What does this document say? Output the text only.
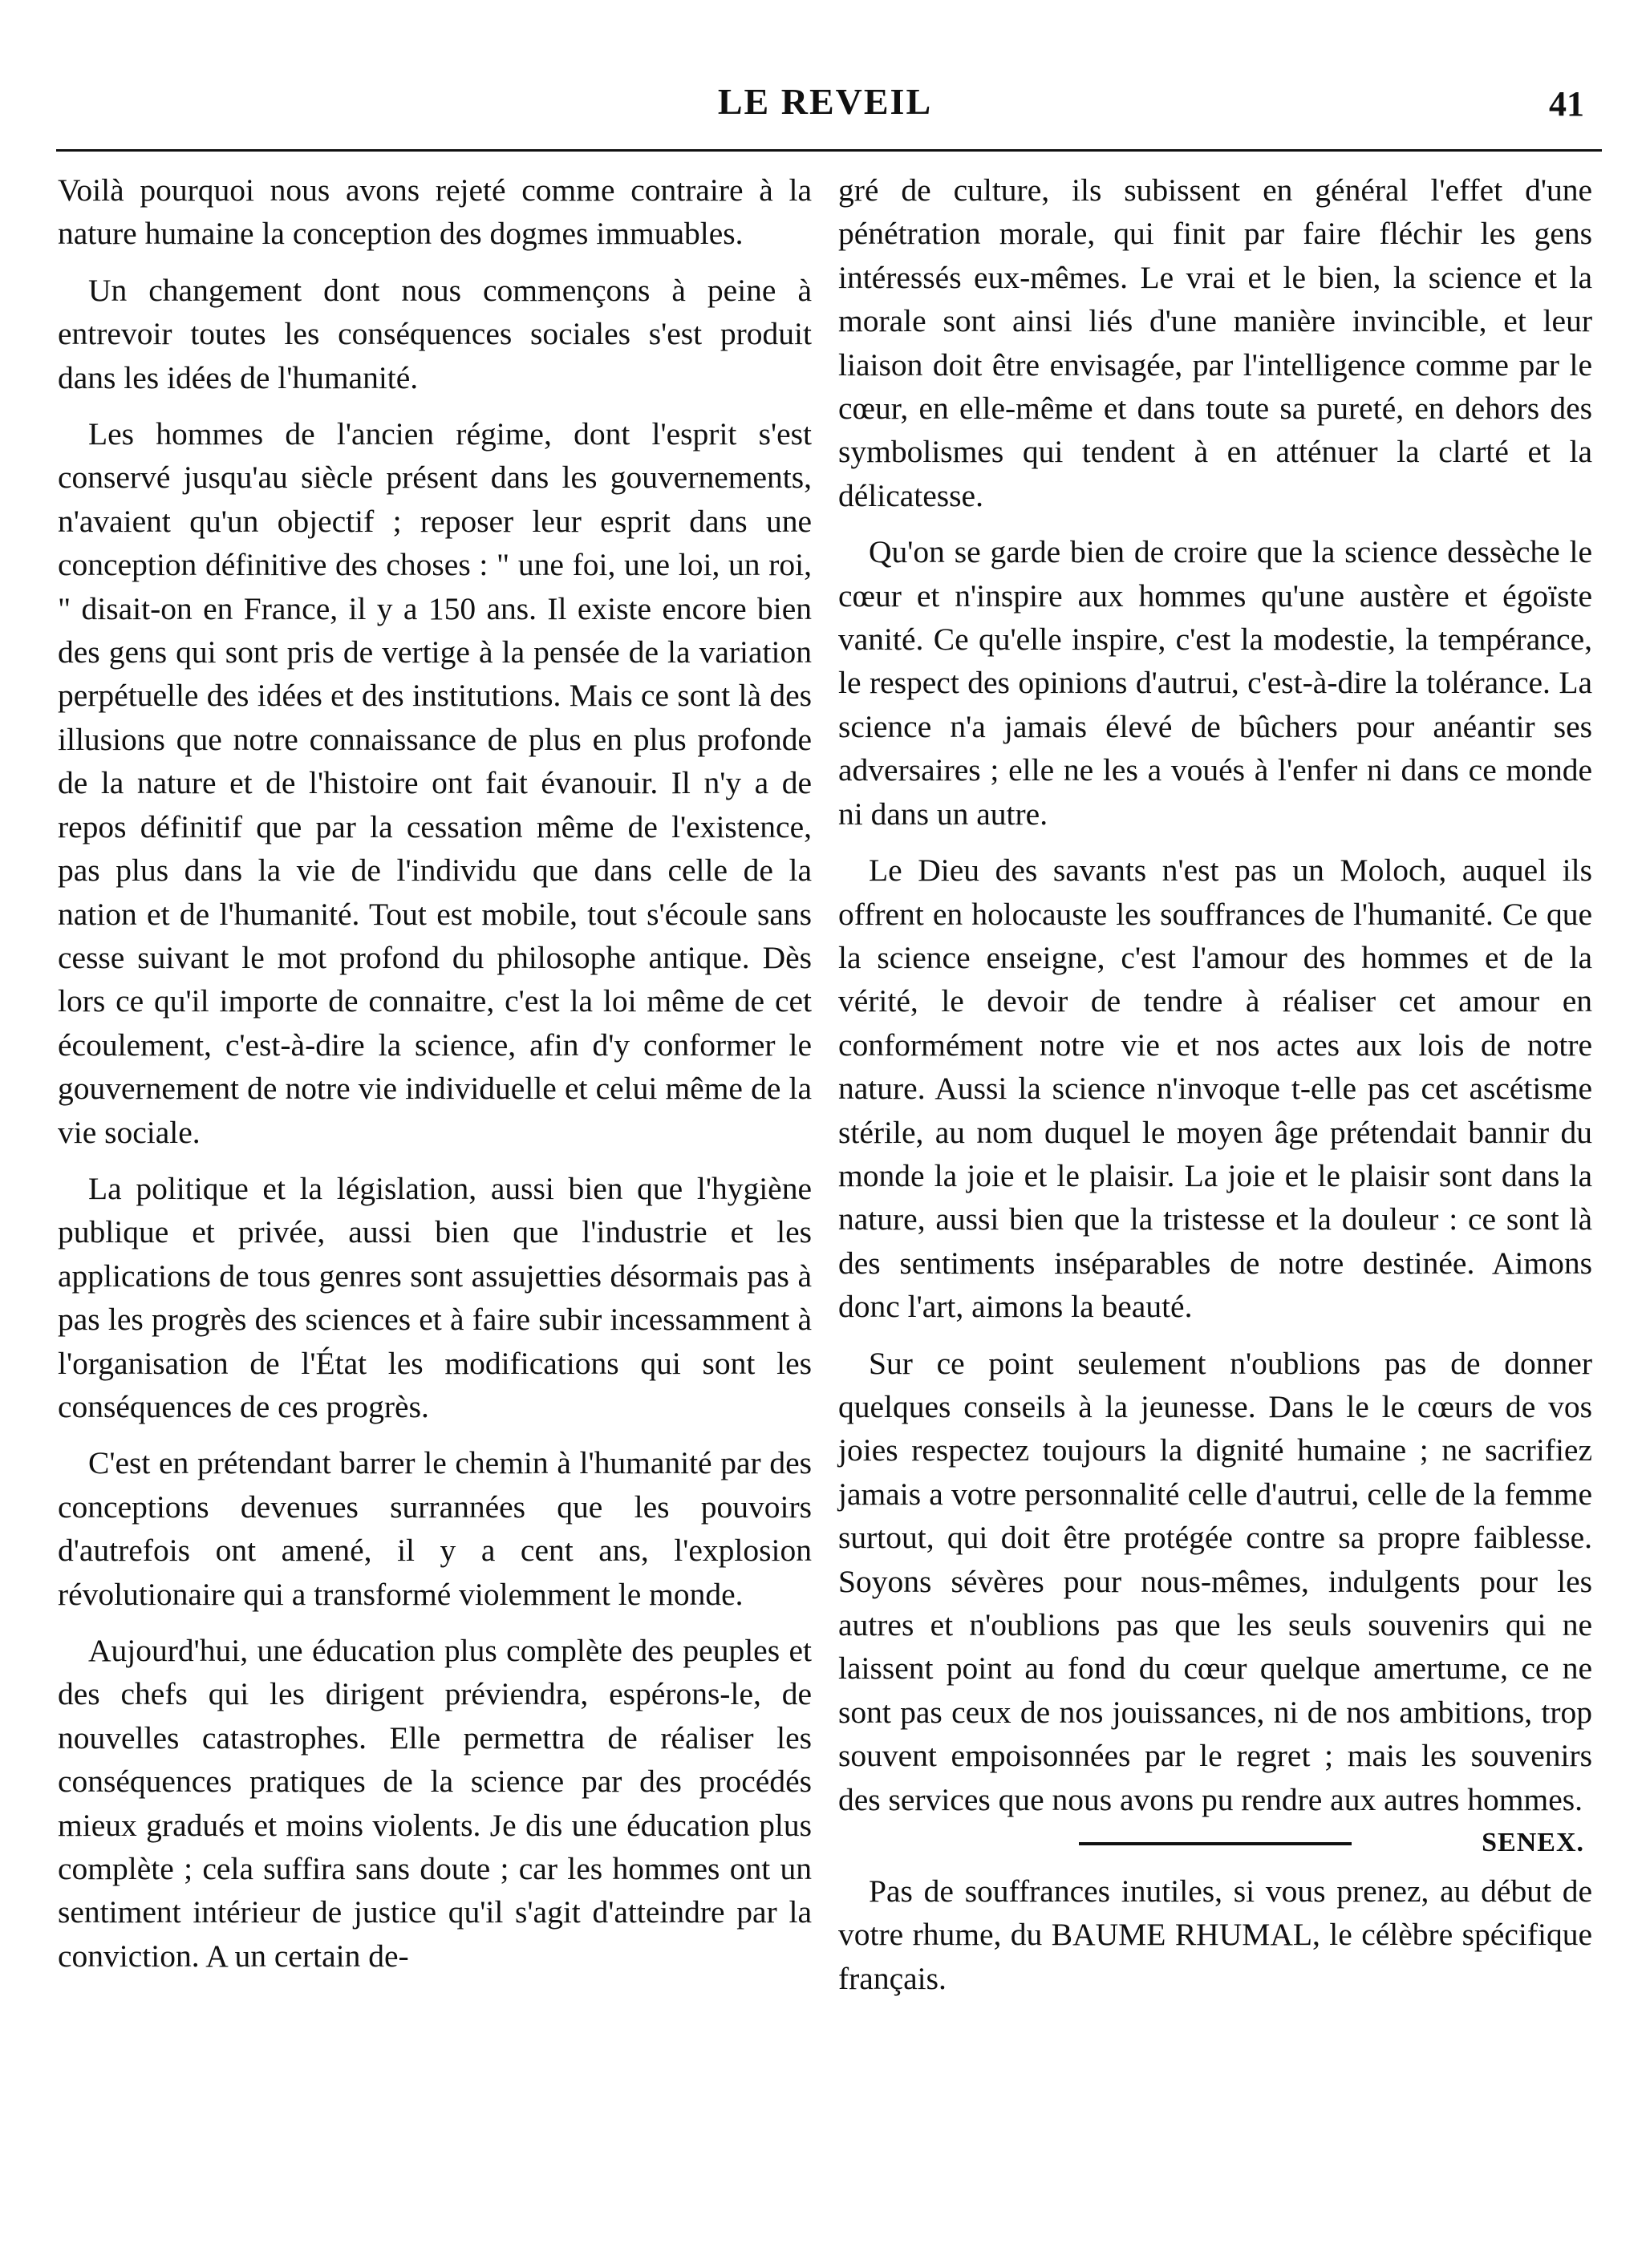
LE REVEIL	41

Voilà pourquoi nous avons rejeté comme contraire à la nature humaine la conception des dogmes immuables.

Un changement dont nous commençons à peine à entrevoir toutes les conséquences sociales s'est produit dans les idées de l'humanité.

Les hommes de l'ancien régime, dont l'esprit s'est conservé jusqu'au siècle présent dans les gouvernements, n'avaient qu'un objectif ; reposer leur esprit dans une conception définitive des choses : " une foi, une loi, un roi, " disait-on en France, il y a 150 ans. Il existe encore bien des gens qui sont pris de vertige à la pensée de la variation perpétuelle des idées et des institutions. Mais ce sont là des illusions que notre connaissance de plus en plus profonde de la nature et de l'histoire ont fait évanouir. Il n'y a de repos définitif que par la cessation même de l'existence, pas plus dans la vie de l'individu que dans celle de la nation et de l'humanité. Tout est mobile, tout s'écoule sans cesse suivant le mot profond du philosophe antique. Dès lors ce qu'il importe de connaitre, c'est la loi même de cet écoulement, c'est-à-dire la science, afin d'y conformer le gouvernement de notre vie individuelle et celui même de la vie sociale.

La politique et la législation, aussi bien que l'hygiène publique et privée, aussi bien que l'industrie et les applications de tous genres sont assujetties désormais pas à pas les progrès des sciences et à faire subir incessamment à l'organisation de l'État les modifications qui sont les conséquences de ces progrès.

C'est en prétendant barrer le chemin à l'humanité par des conceptions devenues surrannées que les pouvoirs d'autrefois ont amené, il y a cent ans, l'explosion révolutionaire qui a transformé violemment le monde.

Aujourd'hui, une éducation plus complète des peuples et des chefs qui les dirigent préviendra, espérons-le, de nouvelles catastrophes. Elle permettra de réaliser les conséquences pratiques de la science par des procédés mieux gradués et moins violents. Je dis une éducation plus complète ; cela suffira sans doute ; car les hommes ont un sentiment intérieur de justice qu'il s'agit d'atteindre par la conviction. A un certain de-

gré de culture, ils subissent en général l'effet d'une pénétration morale, qui finit par faire fléchir les gens intéressés eux-mêmes. Le vrai et le bien, la science et la morale sont ainsi liés d'une manière invincible, et leur liaison doit être envisagée, par l'intelligence comme par le cœur, en elle-même et dans toute sa pureté, en dehors des symbolismes qui tendent à en atténuer la clarté et la délicatesse.

Qu'on se garde bien de croire que la science dessèche le cœur et n'inspire aux hommes qu'une austère et égoïste vanité. Ce qu'elle inspire, c'est la modestie, la tempérance, le respect des opinions d'autrui, c'est-à-dire la tolérance. La science n'a jamais élevé de bûchers pour anéantir ses adversaires ; elle ne les a voués à l'enfer ni dans ce monde ni dans un autre.

Le Dieu des savants n'est pas un Moloch, auquel ils offrent en holocauste les souffrances de l'humanité. Ce que la science enseigne, c'est l'amour des hommes et de la vérité, le devoir de tendre à réaliser cet amour en conformément notre vie et nos actes aux lois de notre nature. Aussi la science n'invoque t-elle pas cet ascétisme stérile, au nom duquel le moyen âge prétendait bannir du monde la joie et le plaisir. La joie et le plaisir sont dans la nature, aussi bien que la tristesse et la douleur : ce sont là des sentiments inséparables de notre destinée. Aimons donc l'art, aimons la beauté.

Sur ce point seulement n'oublions pas de donner quelques conseils à la jeunesse. Dans le le cœurs de vos joies respectez toujours la dignité humaine ; ne sacrifiez jamais a votre personnalité celle d'autrui, celle de la femme surtout, qui doit être protégée contre sa propre faiblesse. Soyons sévères pour nous-mêmes, indulgents pour les autres et n'oublions pas que les seuls souvenirs qui ne laissent point au fond du cœur quelque amertume, ce ne sont pas ceux de nos jouissances, ni de nos ambitions, trop souvent empoisonnées par le regret ; mais les souvenirs des services que nous avons pu rendre aux autres hommes.
SENEX.

Pas de souffrances inutiles, si vous prenez, au début de votre rhume, du BAUME RHUMAL, le célèbre spécifique français.
